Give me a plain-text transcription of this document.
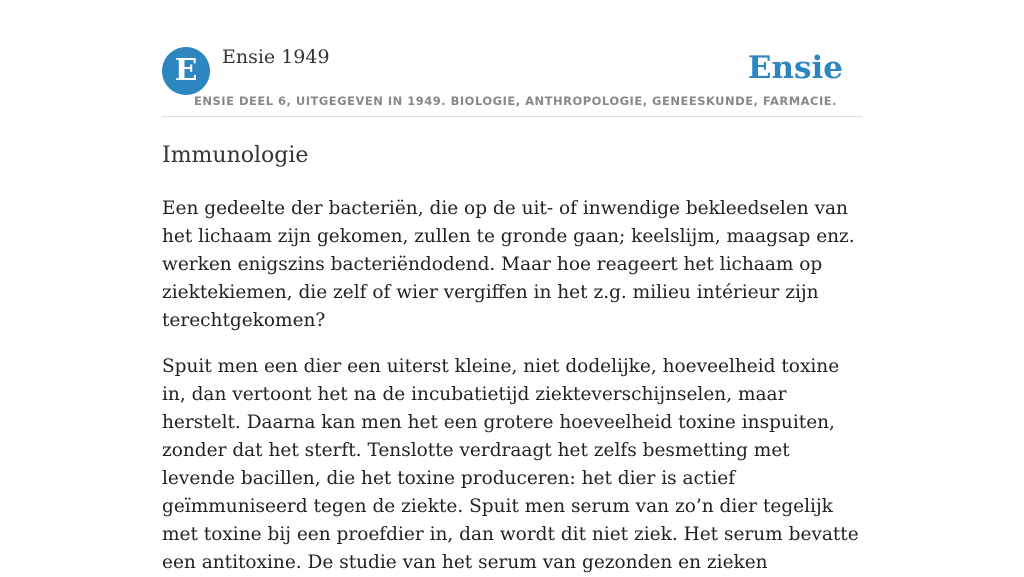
E	Ensie 1949	Ensie
ENSIE DEEL 6, UITGEGEVEN IN 1949. BIOLOGIE, ANTHROPOLOGIE, GENEESKUNDE, FARMACIE.
Immunologie

Een gedeelte der bacteriën, die op de uit- of inwendige bekleedselen van het lichaam zijn gekomen, zullen te gronde gaan; keelslijm, maagsap enz. werken enigszins bacteriëndodend. Maar hoe reageert het lichaam op ziektekiemen, die zelf of wier vergiffen in het z.g. milieu intérieur zijn terechtgekomen?

Spuit men een dier een uiterst kleine, niet dodelijke, hoeveelheid toxine in, dan vertoont het na de incubatietijd ziekteverschijnselen, maar herstelt. Daarna kan men het een grotere hoeveelheid toxine inspuiten, zonder dat het sterft. Tenslotte verdraagt het zelfs besmetting met levende bacillen, die het toxine produceren: het dier is actief geïmmuniseerd tegen de ziekte. Spuit men serum van zo’n dier tegelijk met toxine bij een proefdier in, dan wordt dit niet ziek. Het serum bevatte een antitoxine. De studie van het serum van gezonden en zieken
